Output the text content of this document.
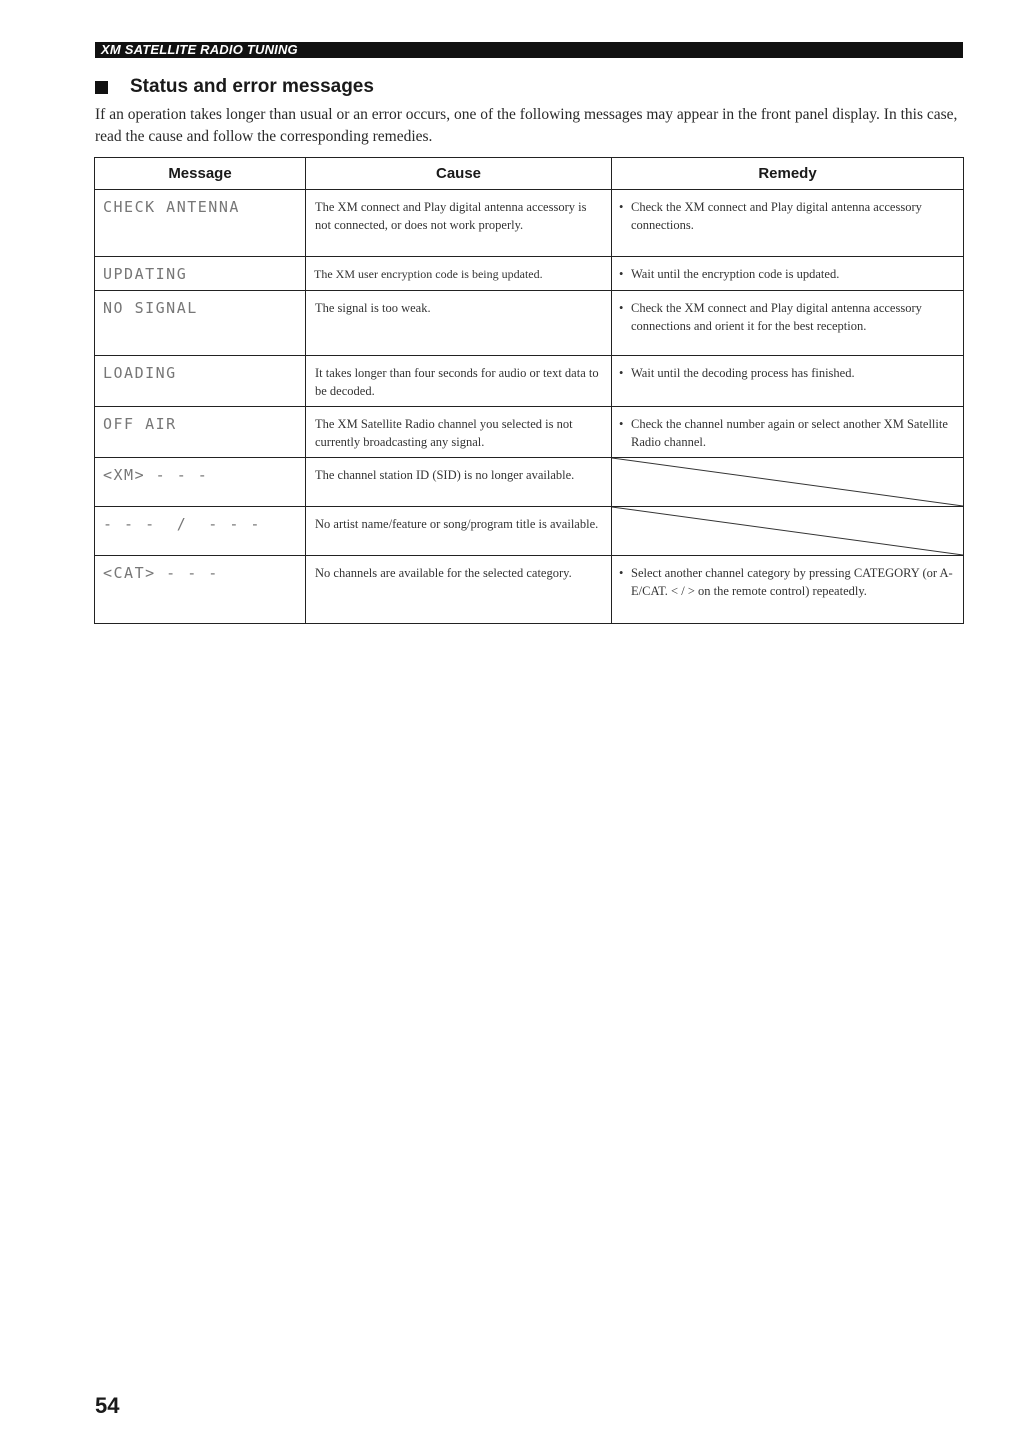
XM SATELLITE RADIO TUNING
Status and error messages
If an operation takes longer than usual or an error occurs, one of the following messages may appear in the front panel display. In this case, read the cause and follow the corresponding remedies.
Message	Cause	Remedy
CHECK ANTENNA	The XM connect and Play digital antenna accessory is not connected, or does not work properly.	• Check the XM connect and Play digital antenna accessory connections.

UPDATING	The XM user encryption code is being updated.	• Wait until the encryption code is updated.

NO SIGNAL	The signal is too weak.	• Check the XM connect and Play digital antenna accessory connections and orient it for the best reception.

LOADING	It takes longer than four seconds for audio or text data to be decoded.	• Wait until the decoding process has finished.

OFF AIR	The XM Satellite Radio channel you selected is not currently broadcasting any signal.	• Check the channel number again or select another XM Satellite Radio channel.

<XM> - - -	The channel station ID (SID) is no longer available.	

- - -  /  - - -	No artist name/feature or song/program title is available.	

<CAT> - - -	No channels are available for the selected category.	• Select another channel category by pressing CATEGORY (or A-E/CAT. < / > on the remote control) repeatedly.
54
